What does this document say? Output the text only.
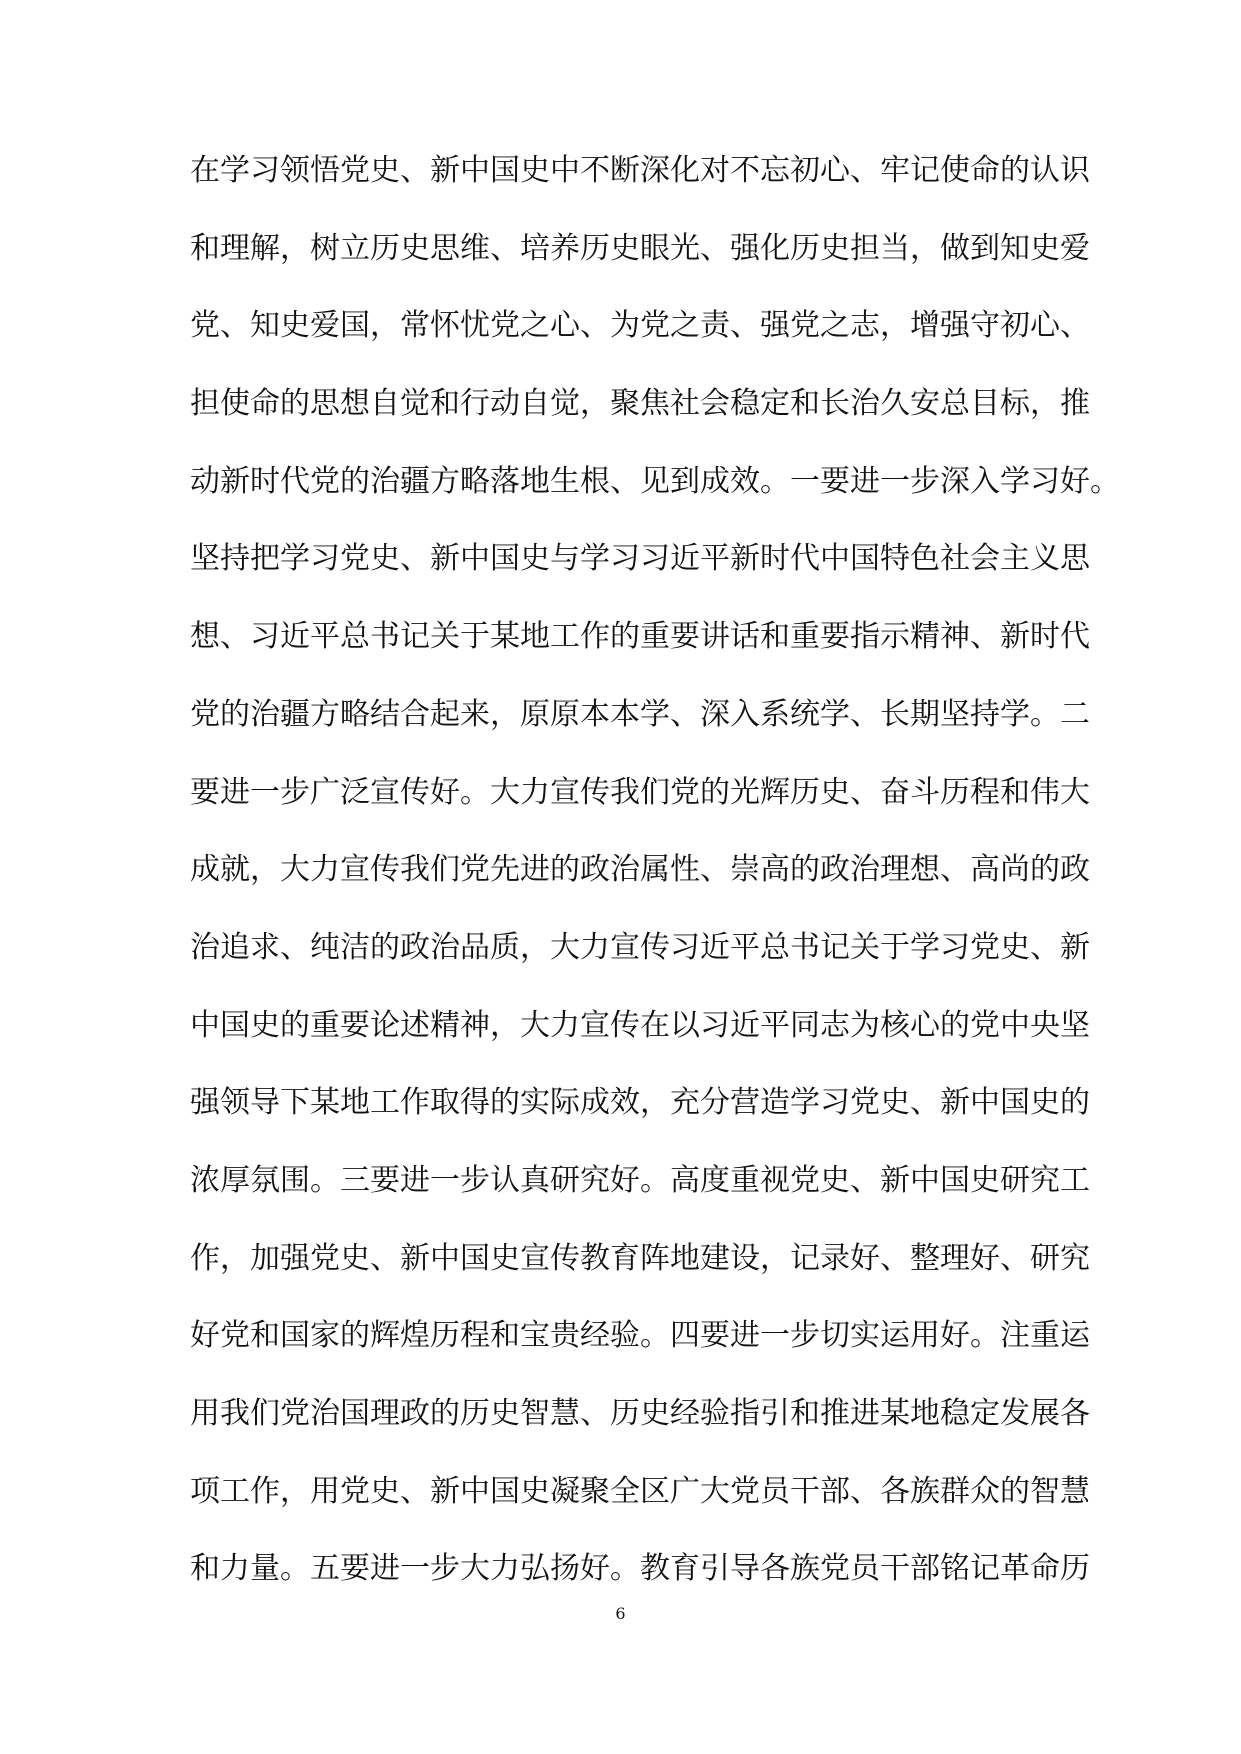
在学习领悟党史、新中国史中不断深化对不忘初心、牢记使命的认识
和理解，树立历史思维、培养历史眼光、强化历史担当，做到知史爱
党、知史爱国，常怀忧党之心、为党之责、强党之志，增强守初心、
担使命的思想自觉和行动自觉，聚焦社会稳定和长治久安总目标，推
动新时代党的治疆方略落地生根、见到成效。一要进一步深入学习好。
坚持把学习党史、新中国史与学习习近平新时代中国特色社会主义思
想、习近平总书记关于某地工作的重要讲话和重要指示精神、新时代
党的治疆方略结合起来，原原本本学、深入系统学、长期坚持学。二
要进一步广泛宣传好。大力宣传我们党的光辉历史、奋斗历程和伟大
成就，大力宣传我们党先进的政治属性、崇高的政治理想、高尚的政
治追求、纯洁的政治品质，大力宣传习近平总书记关于学习党史、新
中国史的重要论述精神，大力宣传在以习近平同志为核心的党中央坚
强领导下某地工作取得的实际成效，充分营造学习党史、新中国史的
浓厚氛围。三要进一步认真研究好。高度重视党史、新中国史研究工
作，加强党史、新中国史宣传教育阵地建设，记录好、整理好、研究
好党和国家的辉煌历程和宝贵经验。四要进一步切实运用好。注重运
用我们党治国理政的历史智慧、历史经验指引和推进某地稳定发展各
项工作，用党史、新中国史凝聚全区广大党员干部、各族群众的智慧
和力量。五要进一步大力弘扬好。教育引导各族党员干部铭记革命历
6
